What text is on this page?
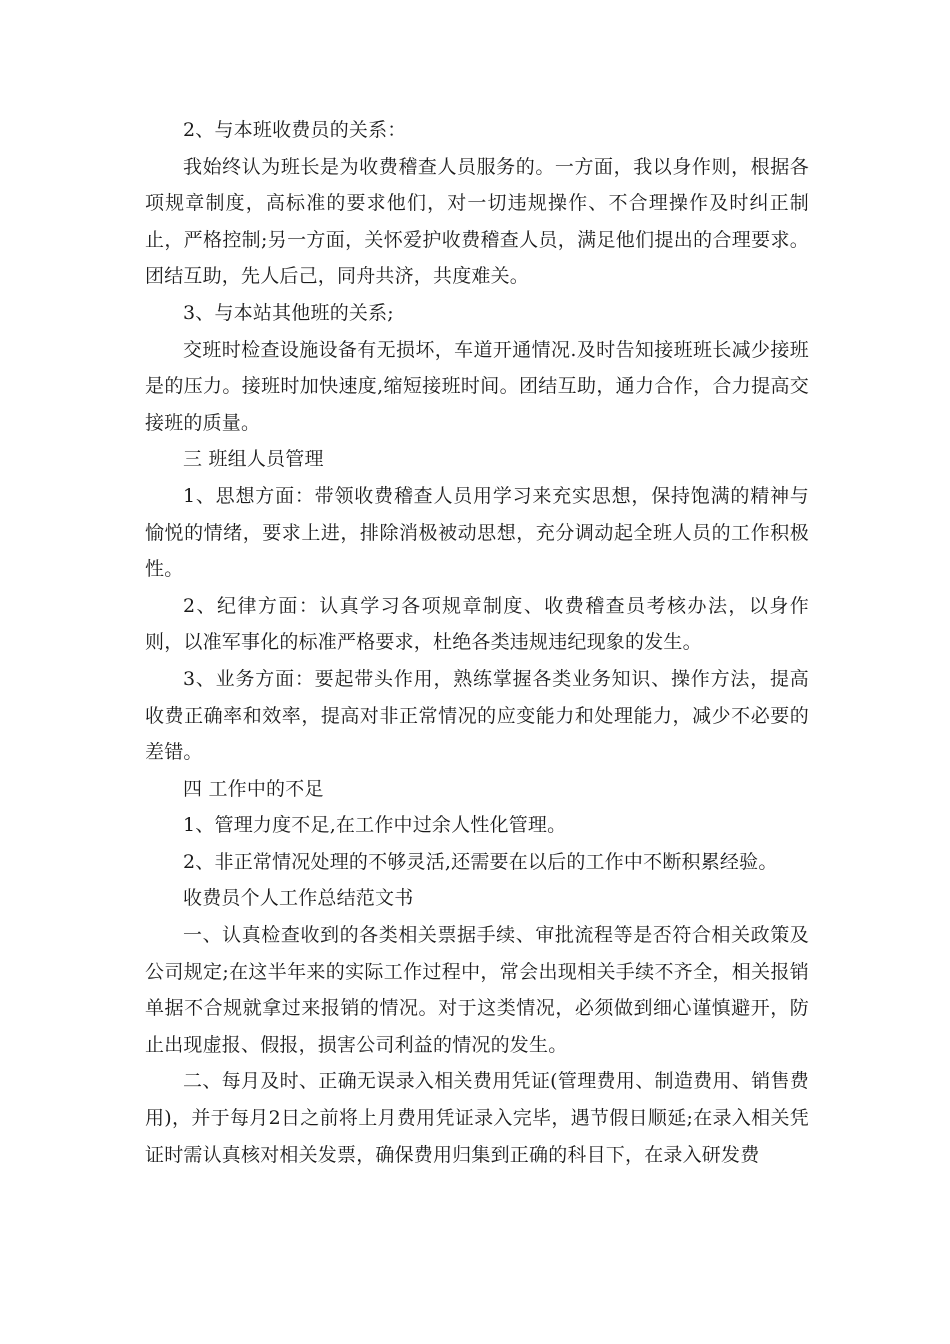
2、与本班收费员的关系：

我始终认为班长是为收费稽查人员服务的。一方面，我以身作则，根据各项规章制度，高标准的要求他们，对一切违规操作、不合理操作及时纠正制止，严格控制;另一方面，关怀爱护收费稽查人员，满足他们提出的合理要求。团结互助，先人后己，同舟共济，共度难关。

3、与本站其他班的关系;

交班时检查设施设备有无损坏，车道开通情况.及时告知接班班长减少接班是的压力。接班时加快速度,缩短接班时间。团结互助，通力合作，合力提高交接班的质量。

三 班组人员管理

1、思想方面：带领收费稽查人员用学习来充实思想，保持饱满的精神与愉悦的情绪，要求上进，排除消极被动思想，充分调动起全班人员的工作积极性。

2、纪律方面：认真学习各项规章制度、收费稽查员考核办法，以身作则，以准军事化的标准严格要求，杜绝各类违规违纪现象的发生。

3、业务方面：要起带头作用，熟练掌握各类业务知识、操作方法，提高收费正确率和效率，提高对非正常情况的应变能力和处理能力，减少不必要的差错。

四 工作中的不足

1、管理力度不足,在工作中过余人性化管理。

2、非正常情况处理的不够灵活,还需要在以后的工作中不断积累经验。

收费员个人工作总结范文书

一、认真检查收到的各类相关票据手续、审批流程等是否符合相关政策及公司规定;在这半年来的实际工作过程中，常会出现相关手续不齐全，相关报销单据不合规就拿过来报销的情况。对于这类情况，必须做到细心谨慎避开，防止出现虚报、假报，损害公司利益的情况的发生。

二、每月及时、正确无误录入相关费用凭证(管理费用、制造费用、销售费用)，并于每月2日之前将上月费用凭证录入完毕，遇节假日顺延;在录入相关凭证时需认真核对相关发票，确保费用归集到正确的科目下，在录入研发费
